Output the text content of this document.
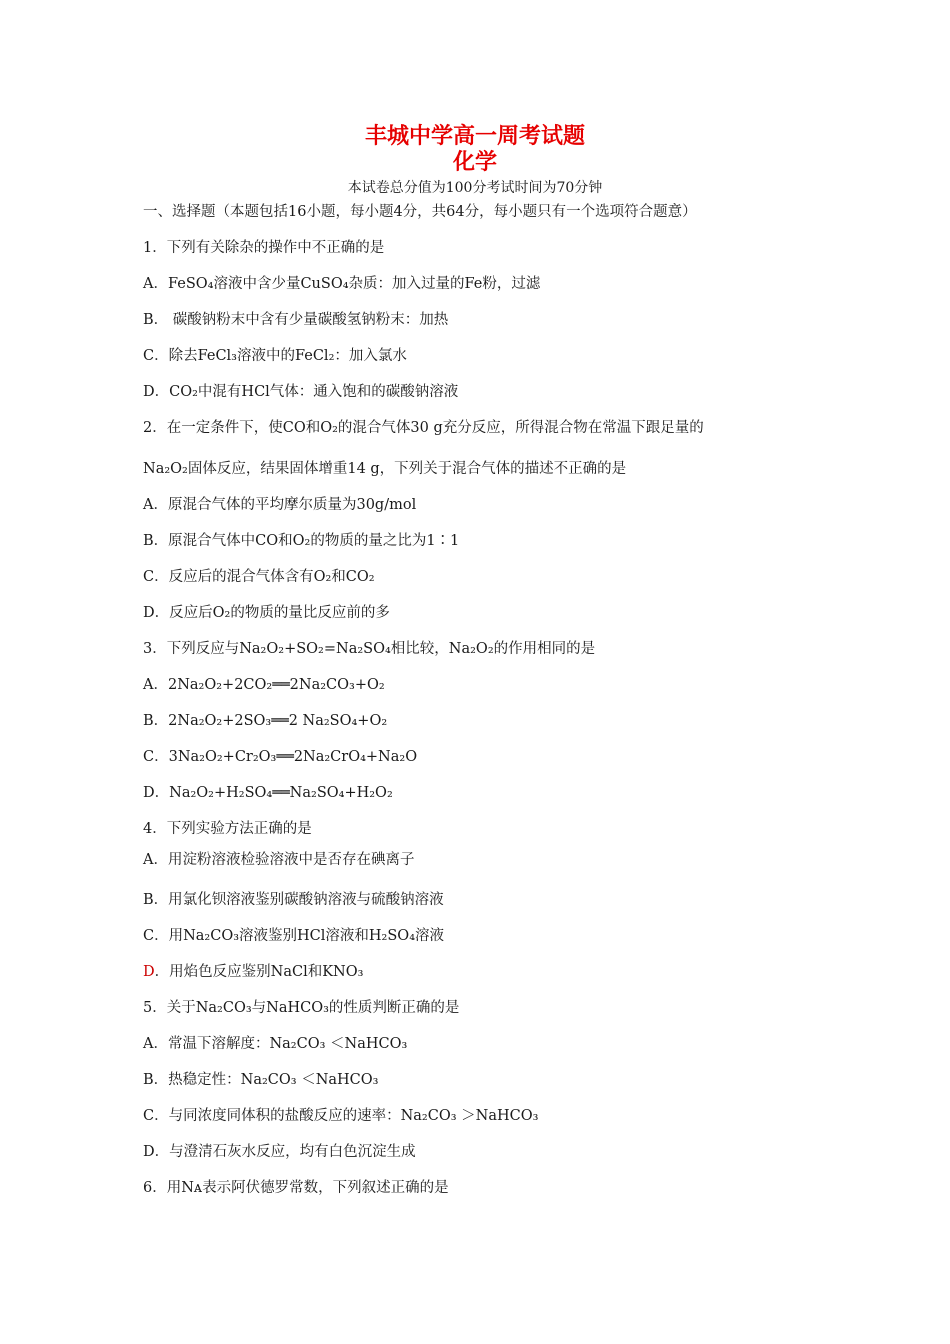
丰城中学高一周考试题
化学
本试卷总分值为100分考试时间为70分钟
一、选择题（本题包括16小题，每小题4分，共64分，每小题只有一个选项符合题意）
1．下列有关除杂的操作中不正确的是
A．FeSO₄溶液中含少量CuSO₄杂质：加入过量的Fe粉，过滤
B． 碳酸钠粉末中含有少量碳酸氢钠粉末：加热
C．除去FeCl₃溶液中的FeCl₂：加入氯水
D．CO₂中混有HCl气体：通入饱和的碳酸钠溶液
2．在一定条件下，使CO和O₂的混合气体30 g充分反应，所得混合物在常温下跟足量的
Na₂O₂固体反应，结果固体增重14 g，下列关于混合气体的描述不正确的是
A．原混合气体的平均摩尔质量为30g/mol
B．原混合气体中CO和O₂的物质的量之比为1∶1
C．反应后的混合气体含有O₂和CO₂
D．反应后O₂的物质的量比反应前的多
3．下列反应与Na₂O₂+SO₂=Na₂SO₄相比较，Na₂O₂的作用相同的是
A．2Na₂O₂+2CO₂══2Na₂CO₃+O₂
B．2Na₂O₂+2SO₃══2 Na₂SO₄+O₂
C．3Na₂O₂+Cr₂O₃══2Na₂CrO₄+Na₂O
D．Na₂O₂+H₂SO₄══Na₂SO₄+H₂O₂
4．下列实验方法正确的是
A．用淀粉溶液检验溶液中是否存在碘离子
B．用氯化钡溶液鉴别碳酸钠溶液与硫酸钠溶液
C．用Na₂CO₃溶液鉴别HCl溶液和H₂SO₄溶液
D．用焰色反应鉴别NaCl和KNO₃
5．关于Na₂CO₃与NaHCO₃的性质判断正确的是
A．常温下溶解度：Na₂CO₃ ＜NaHCO₃
B．热稳定性：Na₂CO₃ ＜NaHCO₃
C．与同浓度同体积的盐酸反应的速率：Na₂CO₃ ＞NaHCO₃
D．与澄清石灰水反应，均有白色沉淀生成
6．用Nᴀ表示阿伏德罗常数，下列叙述正确的是
